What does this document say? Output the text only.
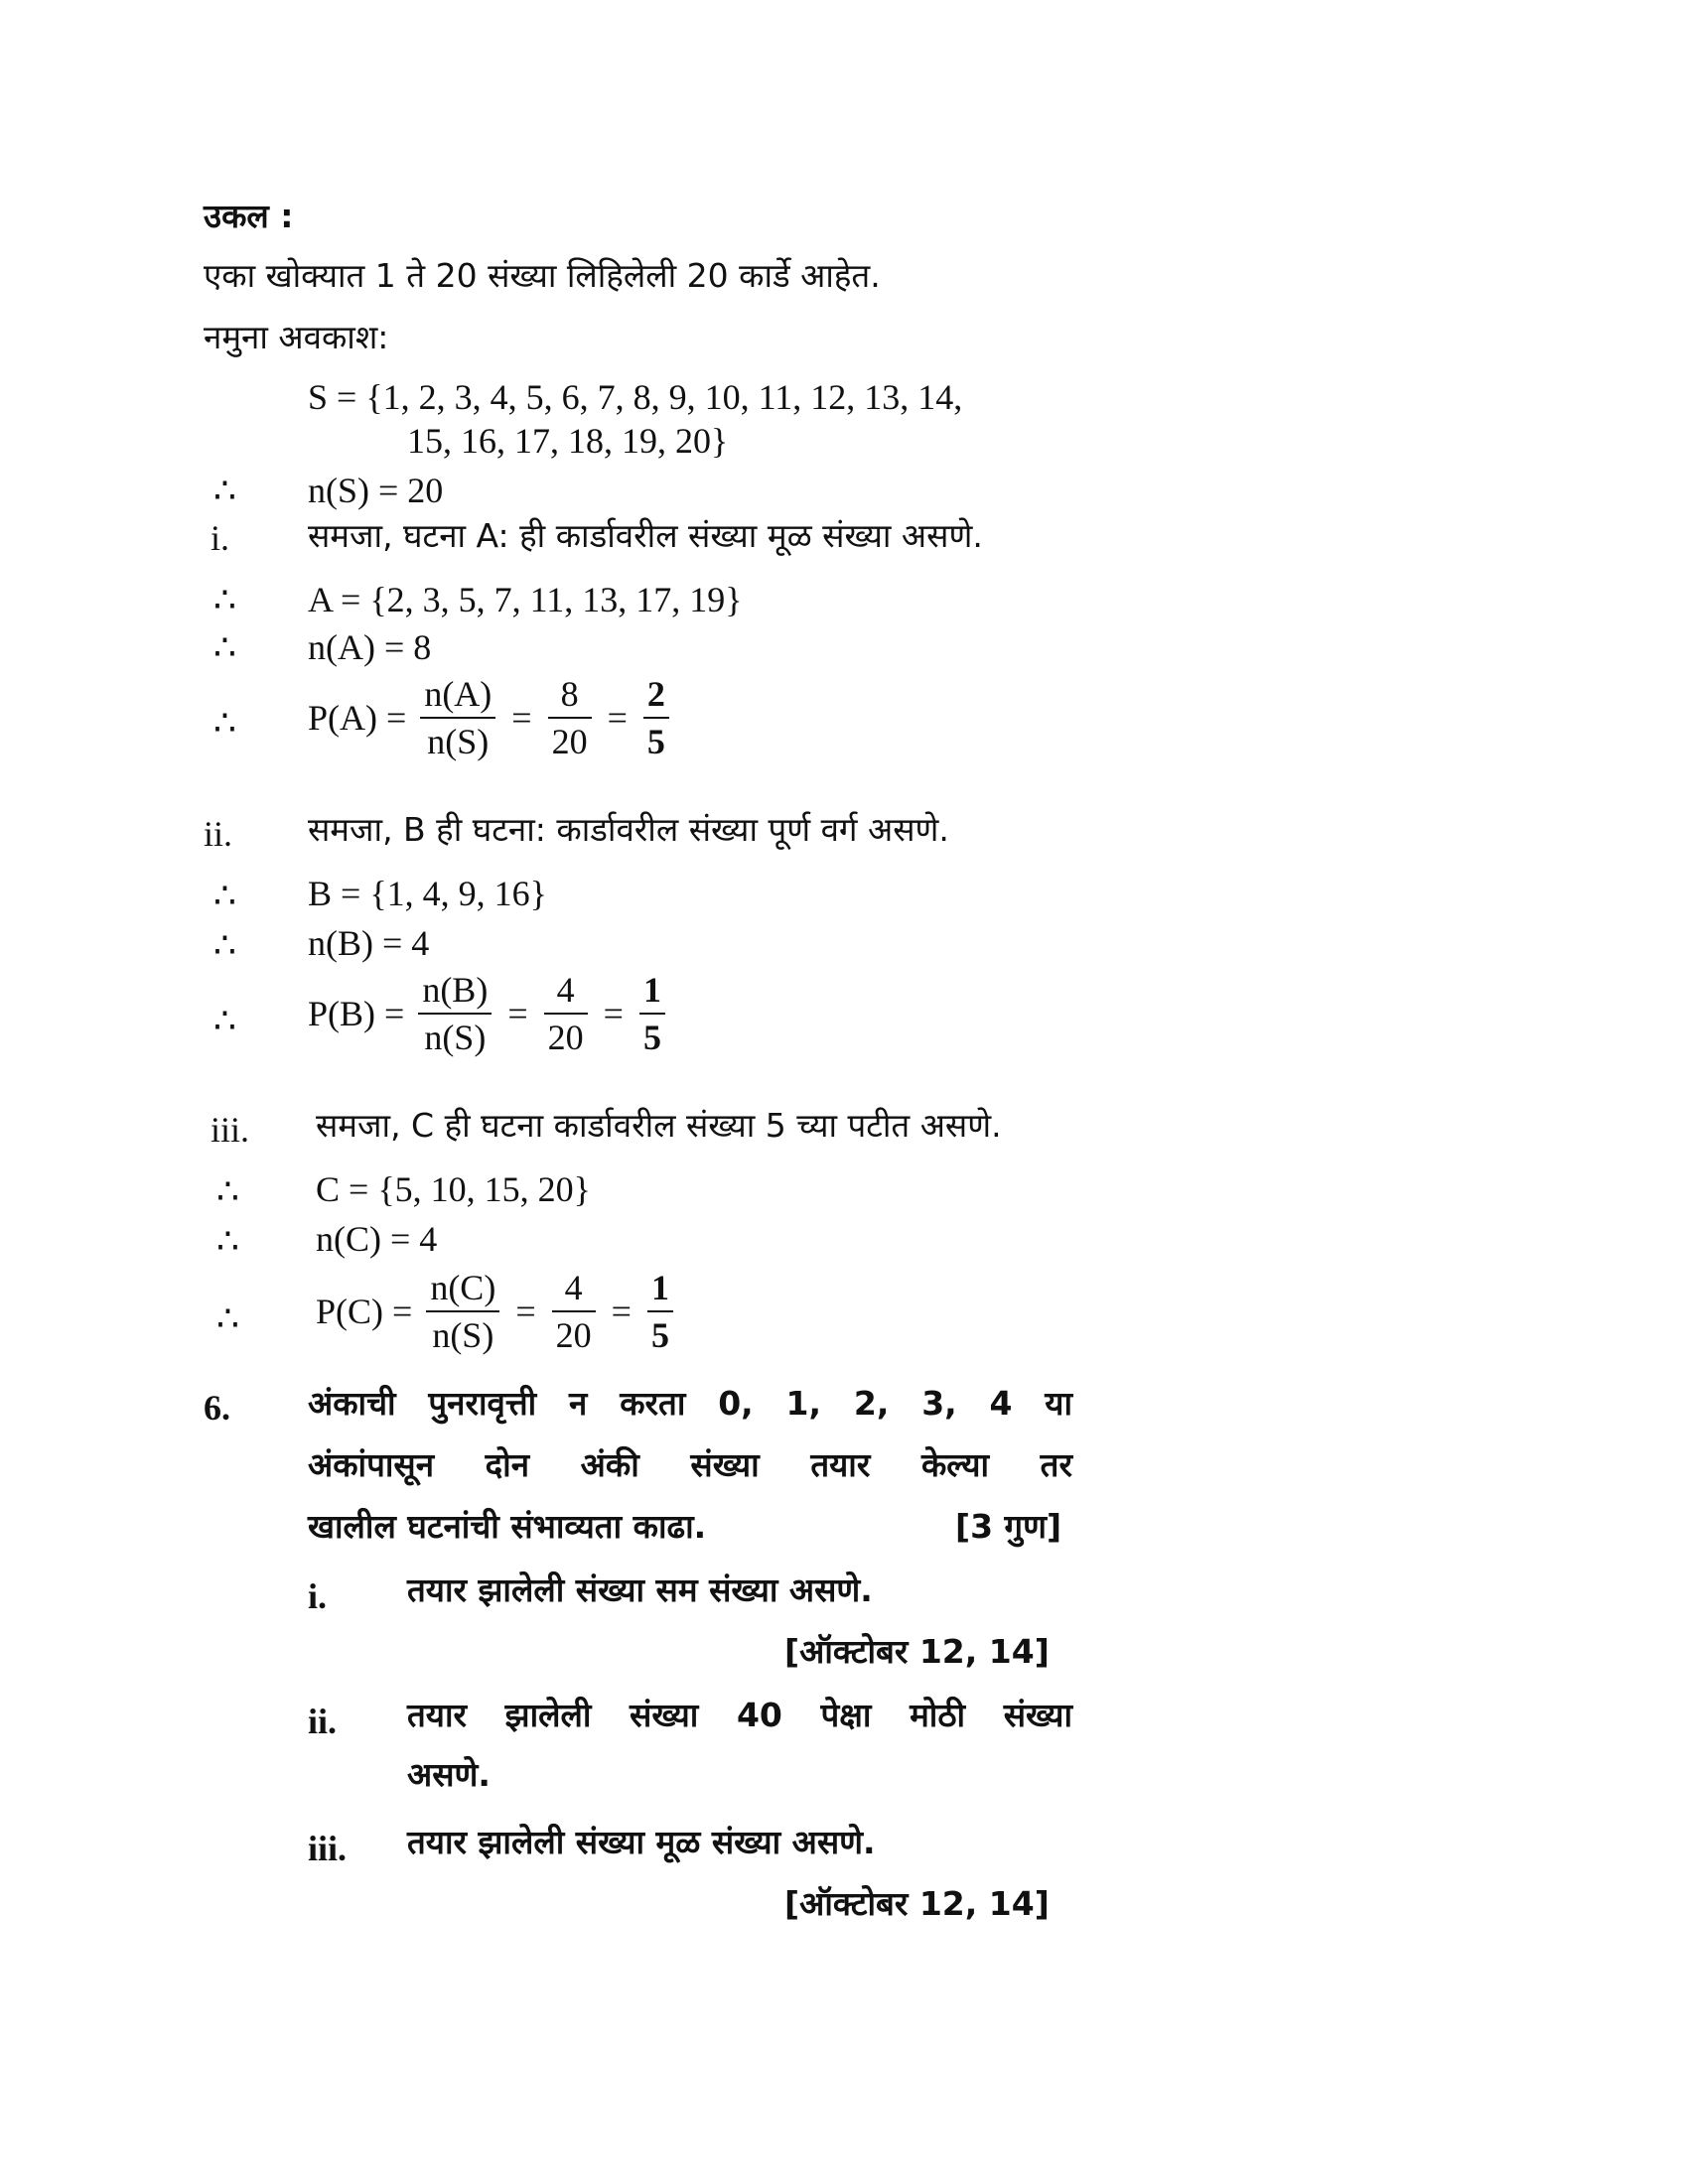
उकल :
एका खोक्यात 1 ते 20 संख्या लिहिलेली 20 कार्डे आहेत.
नमुना अवकाश:
S = {1, 2, 3, 4, 5, 6, 7, 8, 9, 10, 11, 12, 13, 14,
15, 16, 17, 18, 19, 20}
∴ n(S) = 20
i. समजा, घटना A: ही कार्डावरील संख्या मूळ संख्या असणे.
∴ A = {2, 3, 5, 7, 11, 13, 17, 19}
∴ n(A) = 8
∴ $P(A) = \frac{n(A)}{n(S)} = \frac{8}{20} = \frac{2}{5}$
ii. समजा, B ही घटना: कार्डावरील संख्या पूर्ण वर्ग असणे.
∴ B = {1, 4, 9, 16}
∴ n(B) = 4
∴ $P(B) = \frac{n(B)}{n(S)} = \frac{4}{20} = \frac{1}{5}$
iii. समजा, C ही घटना कार्डावरील संख्या 5 च्या पटीत असणे.
∴ C = {5, 10, 15, 20}
∴ n(C) = 4
∴ $P(C) = \frac{n(C)}{n(S)} = \frac{4}{20} = \frac{1}{5}$
6. अंकाची पुनरावृत्ती न करता 0, 1, 2, 3, 4 या
अंकांपासून दोन अंकी संख्या तयार केल्या तर
खालील घटनांची संभाव्यता काढा.	[3 गुण]
i. तयार झालेली संख्या सम संख्या असणे.
[ऑक्टोबर 12, 14]
ii. तयार झालेली संख्या 40 पेक्षा मोठी संख्या
असणे.
iii. तयार झालेली संख्या मूळ संख्या असणे.
[ऑक्टोबर 12, 14]
